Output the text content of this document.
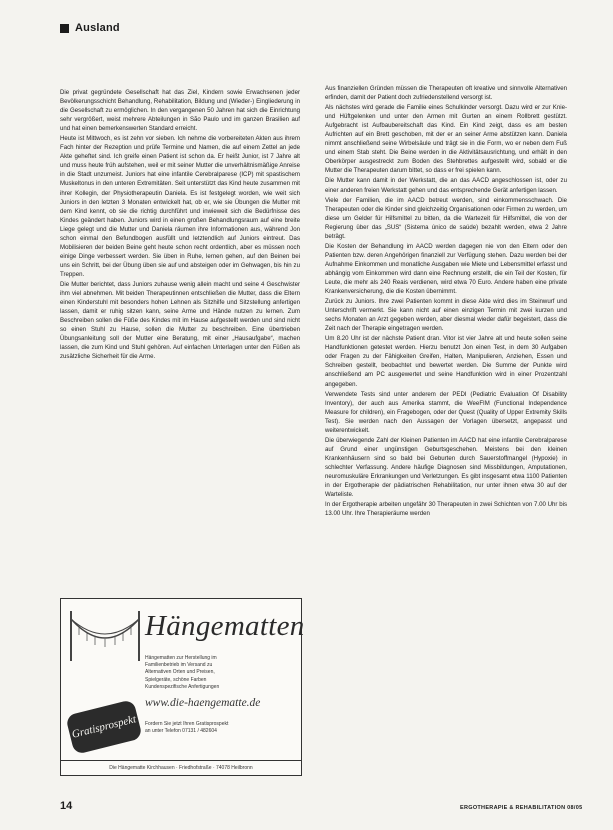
Ausland

Die privat gegründete Gesellschaft hat das Ziel, Kindern sowie Erwachsenen jeder Bevölkerungsschicht Behandlung, Rehabilitation, Bildung und (Wieder-) Eingliederung in die Gesellschaft zu ermöglichen. In den vergangenen 50 Jahren hat sich die Einrichtung sehr vergrößert, weist mehrere Abteilungen in São Paulo und im ganzen Brasilien auf und hat einen bemerkenswerten Standard erreicht.

Heute ist Mittwoch, es ist zehn vor sieben. Ich nehme die vorbereiteten Akten aus ihrem Fach hinter der Rezeption und prüfe Termine und Namen, die auf einem Zettel an jede Akte geheftet sind. Ich greife einen Patient ist schon da. Er heißt Junior, ist 7 Jahre alt und muss heute früh aufstehen, weil er mit seiner Mutter die unverhältnismäßige Anreise in die Stadt unzumeist. Juniors hat eine infantile Cerebralparese (ICP) mit spastischem Muskeltonus in den unteren Extremitäten. Seit unterstützt das Kind heute zusammen mit ihrer Kollegin, der Physiotherapeutin Daniela. Es ist festgelegt worden, wie weit sich Juniors in den letzten 3 Monaten entwickelt hat, ob er, wie sie Übungen die Mutter mit dem Kind kennt, ob sie die richtig durchführt und inwieweit sich die Bedürfnisse des Kindes geändert haben. Juniors wird in einen großen Behandlungsraum auf eine breite Liege gelegt und die Mutter und Daniela räumen ihre Informationen aus, während Jon schon einmal den Befundbogen ausfüllt und letztendlich auf Juniors eintreut. Das Mobilisieren der beiden Beine geht heute schon recht ordentlich, aber es müssen noch einige Dinge verbessert werden. Sie üben in Ruhe, lernen gehen, auf den Beinen bei uns ein Schritt, bei der Übung üben sie auf und absteigen oder im Gehwagen, bis hin zu Treppen.

Die Mutter berichtet, dass Juniors zuhause wenig allein macht und seine 4 Geschwister ihm viel abnehmen. Mit beiden Therapeutinnen entschließen die Mutter, dass die Eltern einen Kinderstuhl mit besonders hohen Lehnen als Sitzhilfe und Sitzstellung anfertigen lassen, damit er ruhig sitzen kann, seine Arme und Hände nutzen zu lernen. Zum Beschreiben sollen die Füße des Kindes mit im Hause aufgestellt werden und sind nicht so einen Stuhl zu Hause, sollen die Mutter zu beschreiben. Eine übertrieben Übungsanleitung soll der Mutter eine Beratung, mit einer „Hausaufgabe“, machen lassen, die zum Kind und Stuhl gehören. Auf einfachen Unterlagen unter den Füßen als zusätzliche Sicherheit für die Arme.

Aus finanziellen Gründen müssen die Therapeuten oft kreative und sinnvolle Alternativen erfinden, damit der Patient doch zufriedenstellend versorgt ist.

Als nächstes wird gerade die Familie eines Schulkinder versorgt. Dazu wird er zur Knie- und Hüftgelenken und unter den Armen mit Gurten an einem Rollbrett gestützt. Aufgebracht ist Aufbaubereitschaft das Kind. Ein Kind zeigt, dass es am besten Aufrichten auf ein Brett geschoben, mit der er an seiner Arme abstützen kann. Daniela nimmt anschließend seine Wirbelsäule und trägt sie in die Form, wo er neben dem Fuß und einem Stab steht. Die Beine werden in die Aktivitätsausrichtung, und erhält in den Oberkörper ausgestreckt zum Boden des Stehbrettes aufgestellt wird, sobald er die Mutter die Therapeuten darum bittet, so dass er frei spielen kann.

Die Mutter kann damit in der Werkstatt, die an das AACD angeschlossen ist, oder zu einer anderen freien Werkstatt gehen und das entsprechende Gerät anfertigen lassen.

Viele der Familien, die im AACD betreut werden, sind einkommensschwach. Die Therapeuten oder die Kinder sind gleichzeitig Organisationen oder Firmen zu werden, um diese um Gelder für Hilfsmittel zu bitten, da die Wartezeit für Hilfsmittel, die von der Regierung über das „SUS“ (Sistema único de saúde) bezahlt werden, etwa 2 Jahre beträgt.

Die Kosten der Behandlung im AACD werden dagegen nie von den Eltern oder den Patienten bzw. deren Angehörigen finanziell zur Verfügung stehen. Dazu werden bei der Aufnahme Einkommen und monatliche Ausgaben wie Miete und Lebensmittel erfasst und abhängig vom Einkommen wird dann eine Rechnung erstellt, die ein Teil der Kosten, für Leute, die mehr als 240 Reais verdienen, wird etwa 70 Euro. Andere haben eine private Krankenversicherung, die die Kosten übernimmt.

Zurück zu Juniors. Ihre zwei Patienten kommt in diese Akte wird dies im Steinwurf und Unterschrift vermerkt. Sie kann nicht auf einen einzigen Termin mit zwei kurzen und sechs Monaten an Arzt gegeben werden, aber diesmal wieder dafür begeistert, dass die Zeit nach der Therapie eingetragen werden.

Um 8.20 Uhr ist der nächste Patient dran. Vitor ist vier Jahre alt und heute sollen seine Handfunktionen getestet werden. Hierzu benutzt Jon einen Test, in dem 30 Aufgaben oder Fragen zu der Fähigkeiten Greifen, Halten, Manipulieren, Anziehen, Essen und Schreiben gestellt, beobachtet und bewertet werden. Die Summe der Punkte wird anschließend am PC ausgewertet und seine Handfunktion wird in einer Prozentzahl angegeben.

Verwendete Tests sind unter anderem der PEDI (Pediatric Evaluation Of Disability Inventory), der auch aus Amerika stammt, die WeeFIM (Functional Independence Measure for children), ein Fragebogen, oder der Quest (Quality of Upper Extremity Skills Test). Sie werden nach den Aussagen der Vorlagen übersetzt, angepasst und weiterentwickelt.

Die überwiegende Zahl der Kleinen Patienten im AACD hat eine infantile Cerebralparese auf Grund einer ungünstigen Geburtsgeschehen. Meistens bei den kleinen Krankenhäusern sind so bald bei Geburten durch Sauerstoffmangel (Hypoxie) in schlechter Verfassung. Andere häufige Diagnosen sind Missbildungen, Amputationen, neuromuskuläre Erkrankungen und Verletzungen. Es gibt insgesamt etwa 1100 Patienten in der Ergotherapie der pädiatrischen Rehabilitation, nur unter ihnen etwa 30 auf der Warteliste.

In der Ergotherapie arbeiten ungefähr 30 Therapeuten in zwei Schichten von 7.00 Uhr bis 13.00 Uhr. Ihre Therapieräume werden

Hängematten
Hängematten zur Herstellung im
Familienbetrieb im Versand zu
Alternativen Orten und Preisen,
Spielgeräte, schöne Farben
Kundenspezifische Anfertigungen
www.die-haengematte.de
Gratisprospekt	Fordern Sie jetzt Ihren Gratisprospekt
an unter Telefon 07131 / 482604
Die Hängematte Kirchhausen · Friedhofstraße · 74078 Heilbronn
14	ERGOTHERAPIE & REHABILITATION 08/05
